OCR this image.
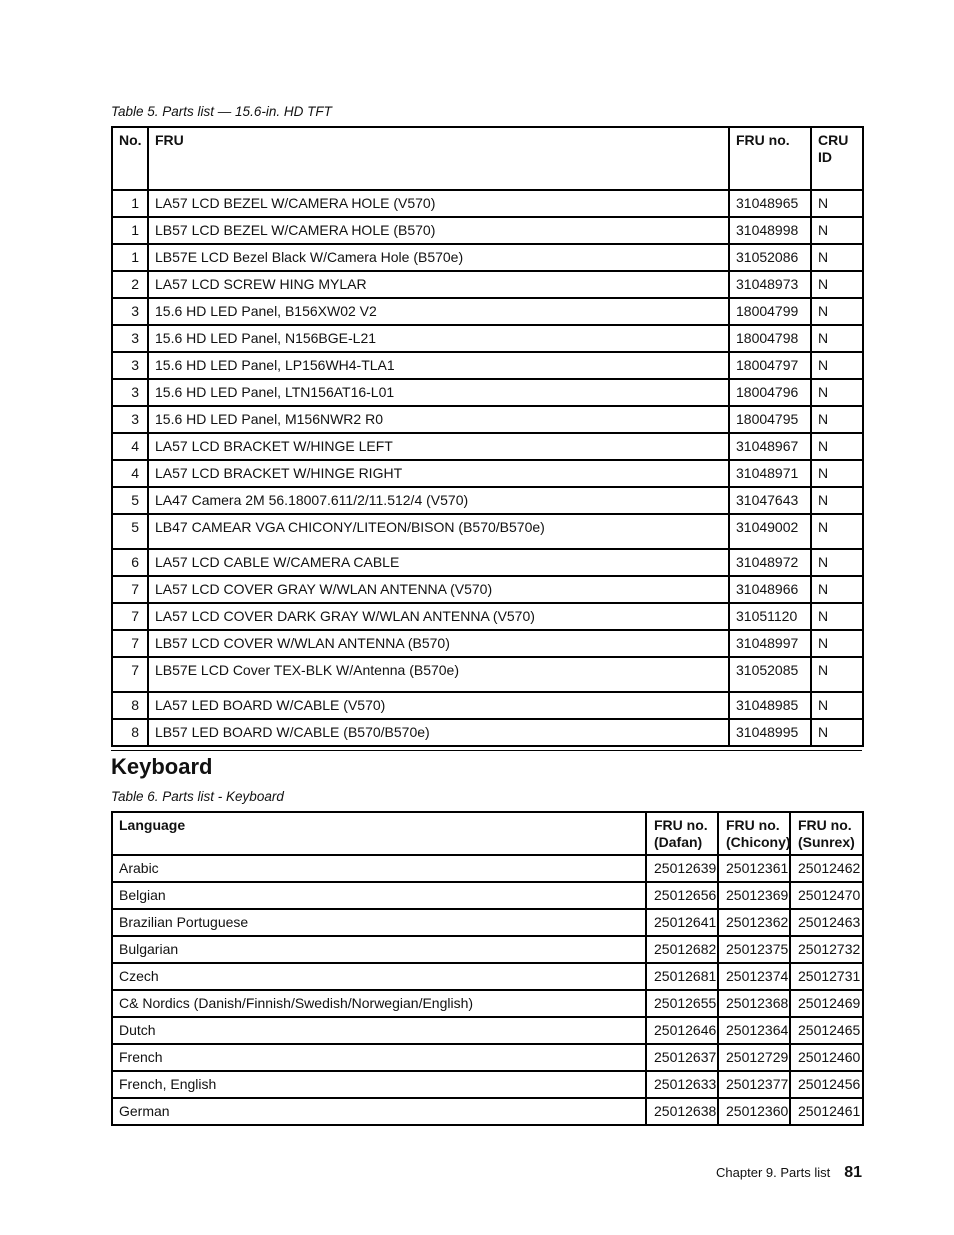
Table 5. Parts list — 15.6-in. HD TFT
No.	FRU	FRU no.	CRU ID
1	LA57 LCD BEZEL W/CAMERA HOLE (V570)	31048965	N
1	LB57 LCD BEZEL W/CAMERA HOLE (B570)	31048998	N
1	LB57E LCD Bezel Black W/Camera Hole (B570e)	31052086	N
2	LA57 LCD SCREW HING MYLAR	31048973	N
3	15.6 HD LED Panel, B156XW02 V2	18004799	N
3	15.6 HD LED Panel, N156BGE-L21	18004798	N
3	15.6 HD LED Panel, LP156WH4-TLA1	18004797	N
3	15.6 HD LED Panel, LTN156AT16-L01	18004796	N
3	15.6 HD LED Panel, M156NWR2 R0	18004795	N
4	LA57 LCD BRACKET W/HINGE LEFT	31048967	N
4	LA57 LCD BRACKET W/HINGE RIGHT	31048971	N
5	LA47 Camera 2M 56.18007.611/2/11.512/4 (V570)	31047643	N
5	LB47 CAMEAR VGA CHICONY/LITEON/BISON (B570/B570e)	31049002	N
6	LA57 LCD CABLE W/CAMERA CABLE	31048972	N
7	LA57 LCD COVER GRAY W/WLAN ANTENNA (V570)	31048966	N
7	LA57 LCD COVER DARK GRAY W/WLAN ANTENNA (V570)	31051120	N
7	LB57 LCD COVER W/WLAN ANTENNA (B570)	31048997	N
7	LB57E LCD Cover TEX-BLK W/Antenna (B570e)	31052085	N
8	LA57 LED BOARD W/CABLE (V570)	31048985	N
8	LB57 LED BOARD W/CABLE (B570/B570e)	31048995	N
Keyboard
Table 6. Parts list - Keyboard
Language	FRU no. (Dafan)	FRU no. (Chicony)	FRU no. (Sunrex)
Arabic	25012639	25012361	25012462
Belgian	25012656	25012369	25012470
Brazilian Portuguese	25012641	25012362	25012463
Bulgarian	25012682	25012375	25012732
Czech	25012681	25012374	25012731
C& Nordics (Danish/Finnish/Swedish/Norwegian/English)	25012655	25012368	25012469
Dutch	25012646	25012364	25012465
French	25012637	25012729	25012460
French, English	25012633	25012377	25012456
German	25012638	25012360	25012461
Chapter 9. Parts list 81
